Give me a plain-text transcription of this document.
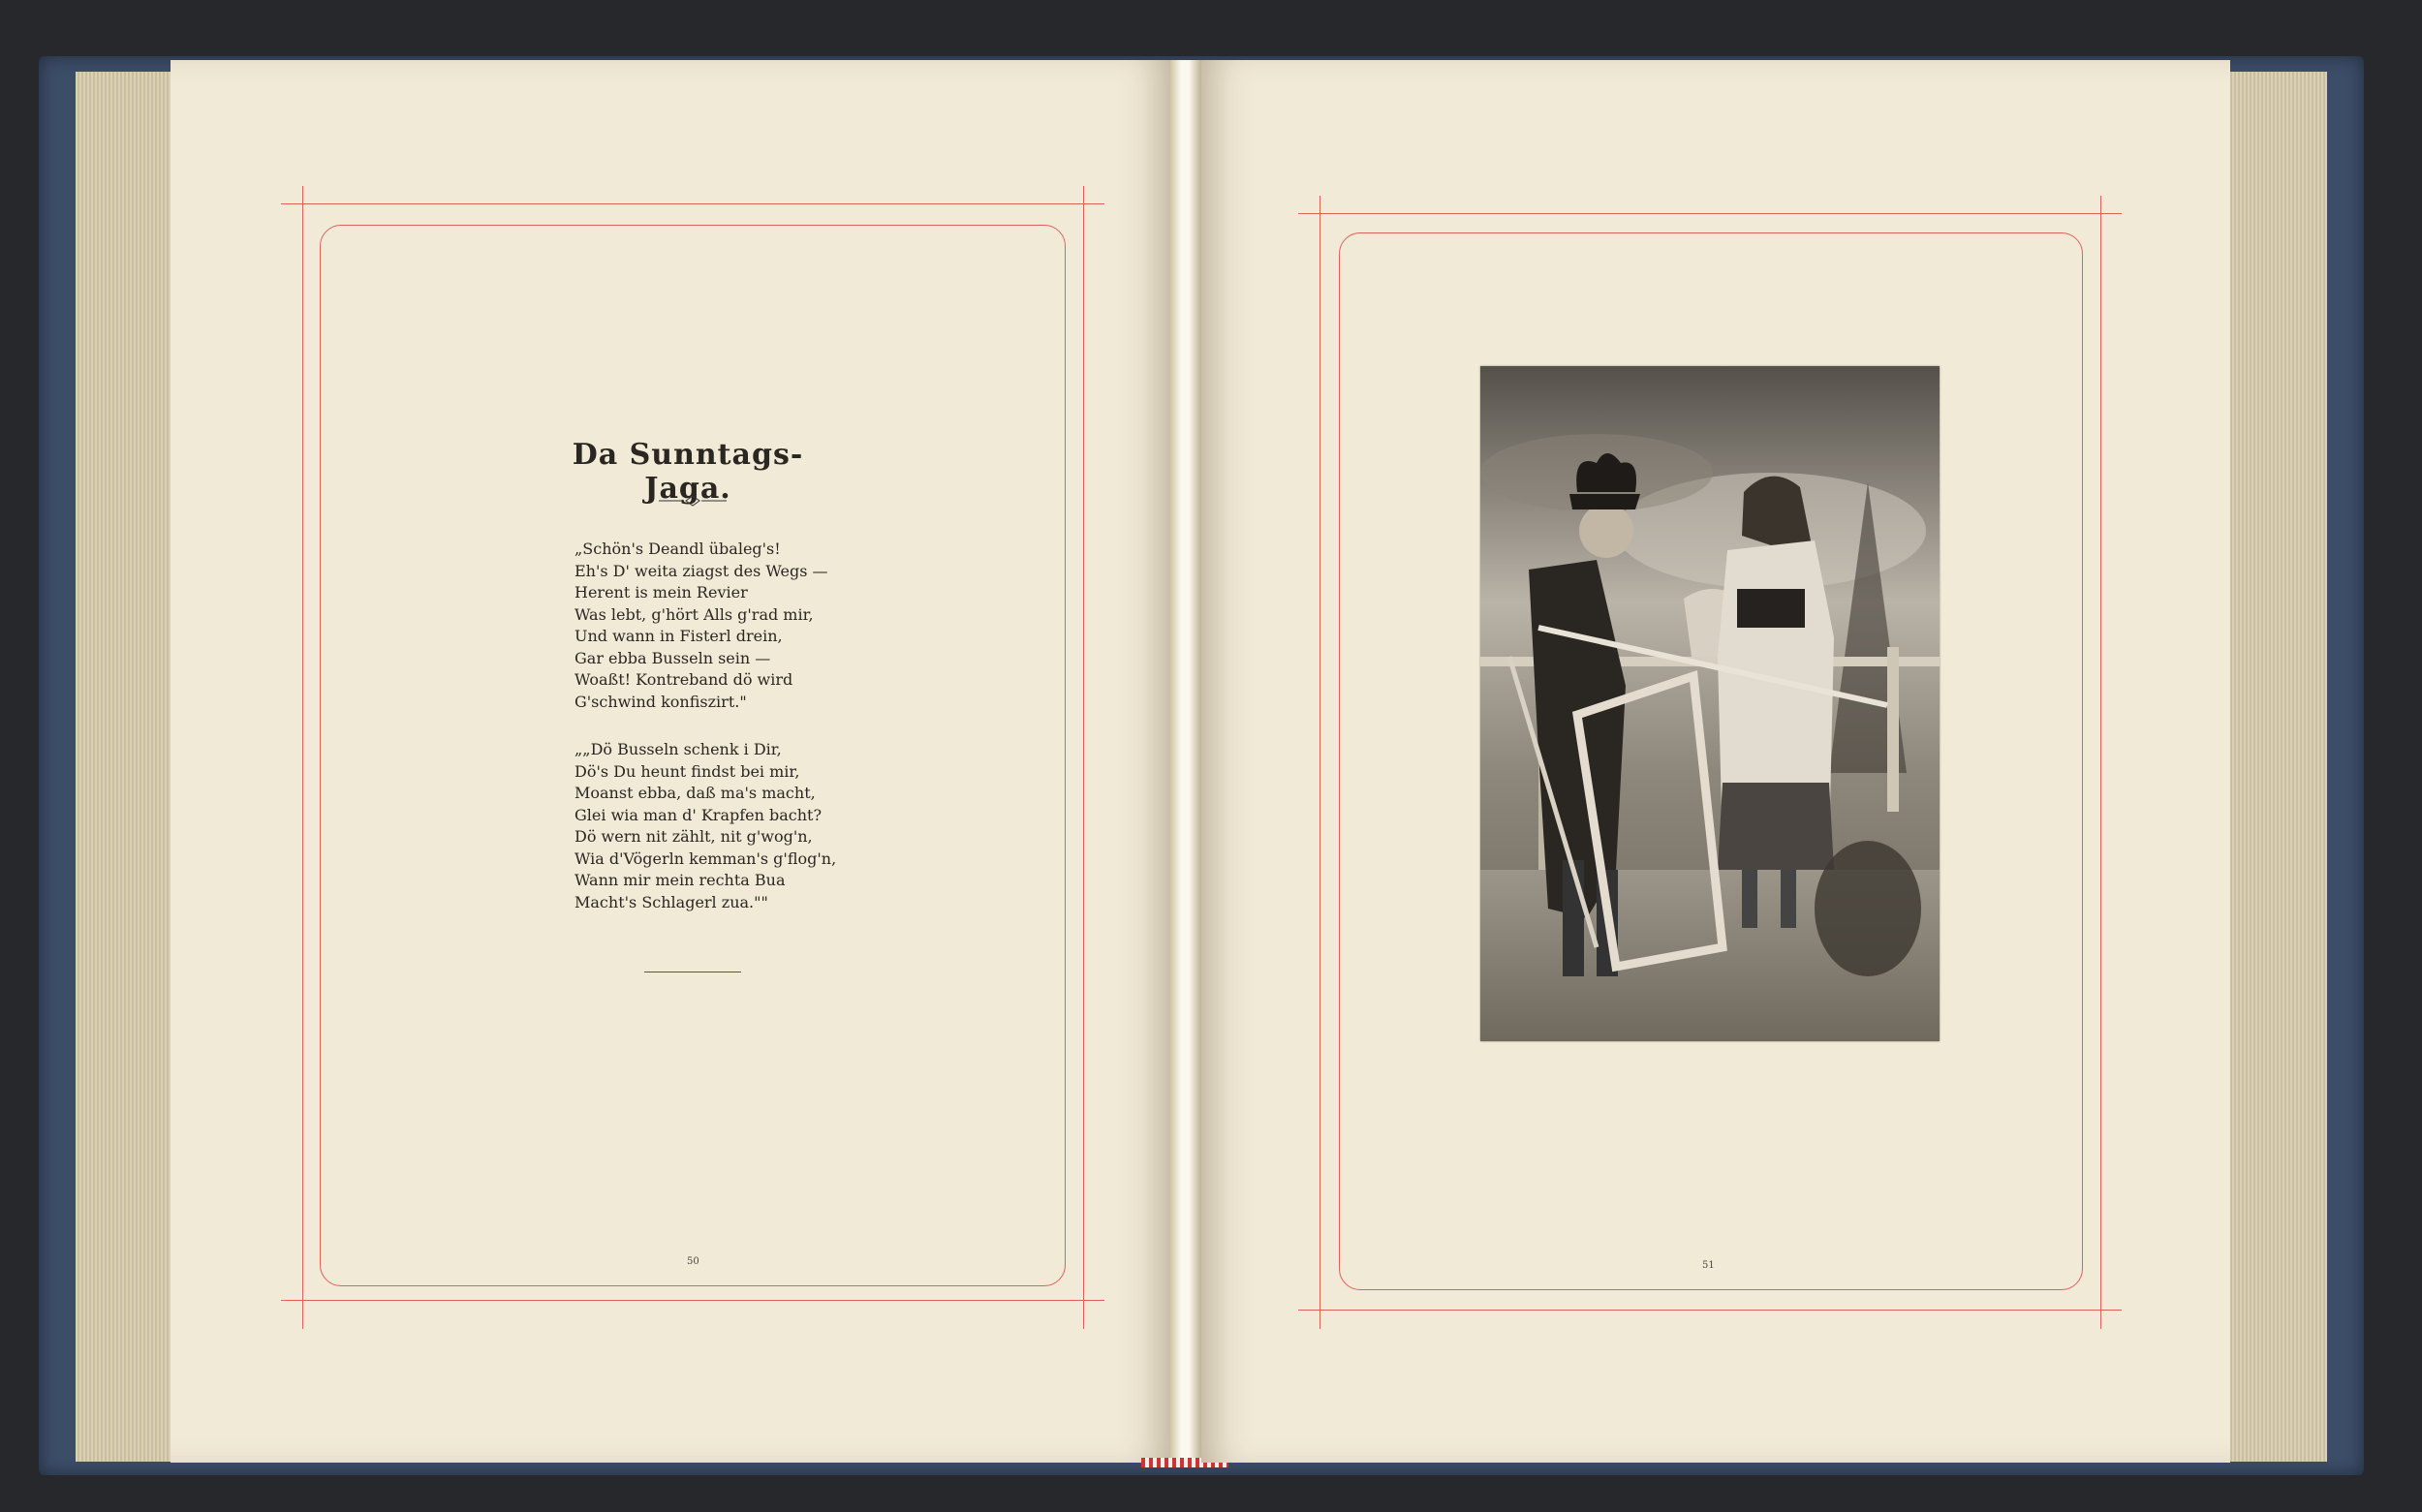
Da Sunntags-Jaga.
„Schön's Deandl übaleg's!
Eh's D' weita ziagst des Wegs —
Herent is mein Revier
Was lebt, g'hört Alls g'rad mir,
Und wann in Fisterl drein,
Gar ebba Busseln sein —
Woaßt! Kontreband dö wird
G'schwind konfiszirt."
„„Dö Busseln schenk i Dir,
Dö's Du heunt findst bei mir,
Moanst ebba, daß ma's macht,
Glei wia man d' Krapfen bacht?
Dö wern nit zählt, nit g'wog'n,
Wia d'Vögerln kemman's g'flog'n,
Wann mir mein rechta Bua
Macht's Schlagerl zua.""
50	51
